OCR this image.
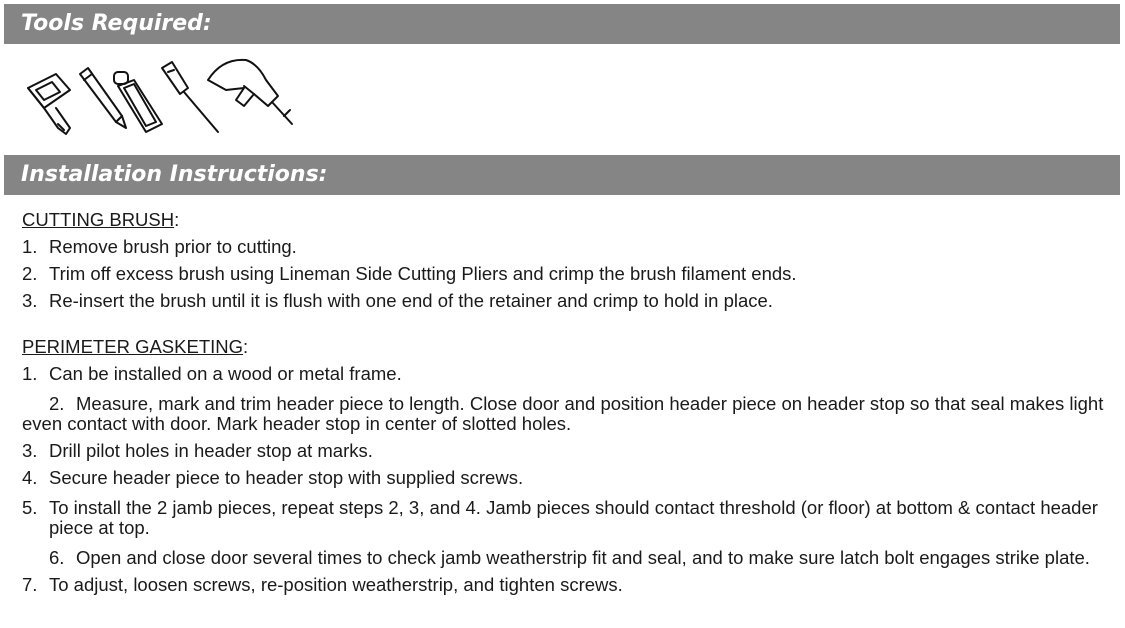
Tools Required:
Installation Instructions:
CUTTING BRUSH:
1. Remove brush prior to cutting.
2. Trim off excess brush using Lineman Side Cutting Pliers and crimp the brush filament ends.
3. Re-insert the brush until it is flush with one end of the retainer and crimp to hold in place.
PERIMETER GASKETING:
1. Can be installed on a wood or metal frame.
2. Measure, mark and trim header piece to length. Close door and position header piece on header stop so that seal makes light even contact with door. Mark header stop in center of slotted holes.
3. Drill pilot holes in header stop at marks.
4. Secure header piece to header stop with supplied screws.
5. To install the 2 jamb pieces, repeat steps 2, 3, and 4. Jamb pieces should contact threshold (or floor) at bottom & contact header piece at top.
6. Open and close door several times to check jamb weatherstrip fit and seal, and to make sure latch bolt engages strike plate.
7. To adjust, loosen screws, re-position weatherstrip, and tighten screws.
